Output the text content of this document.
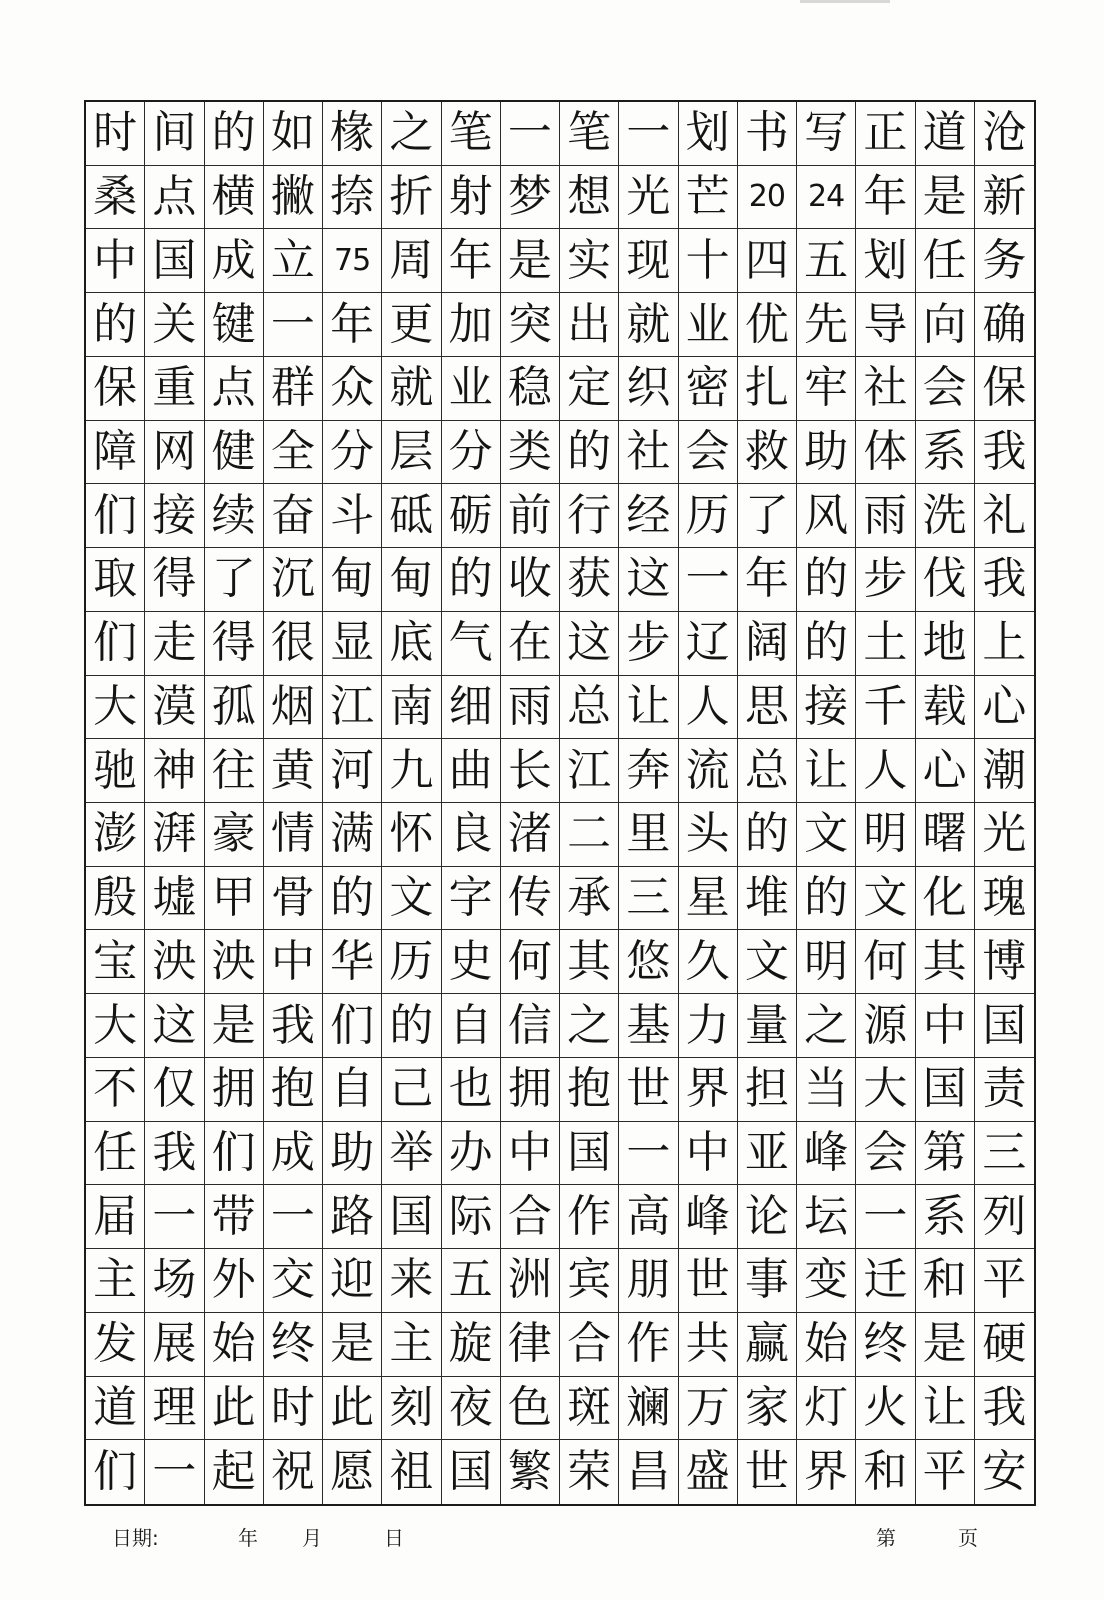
时 间 的 如 椽 之 笔 一 笔 一 划 书 写 正 道 沧
桑 点 横 撇 捺 折 射 梦 想 光 芒 20 24 年 是 新
中 国 成 立 75 周 年 是 实 现 十 四 五 划 任 务
的 关 键 一 年 更 加 突 出 就 业 优 先 导 向 确
保 重 点 群 众 就 业 稳 定 织 密 扎 牢 社 会 保
障 网 健 全 分 层 分 类 的 社 会 救 助 体 系 我
们 接 续 奋 斗 砥 砺 前 行 经 历 了 风 雨 洗 礼
取 得 了 沉 甸 甸 的 收 获 这 一 年 的 步 伐 我
们 走 得 很 显 底 气 在 这 步 辽 阔 的 土 地 上
大 漠 孤 烟 江 南 细 雨 总 让 人 思 接 千 载 心
驰 神 往 黄 河 九 曲 长 江 奔 流 总 让 人 心 潮
澎 湃 豪 情 满 怀 良 渚 二 里 头 的 文 明 曙 光
殷 墟 甲 骨 的 文 字 传 承 三 星 堆 的 文 化 瑰
宝 泱 泱 中 华 历 史 何 其 悠 久 文 明 何 其 博
大 这 是 我 们 的 自 信 之 基 力 量 之 源 中 国
不 仅 拥 抱 自 己 也 拥 抱 世 界 担 当 大 国 责
任 我 们 成 助 举 办 中 国 一 中 亚 峰 会 第 三
届 一 带 一 路 国 际 合 作 高 峰 论 坛 一 系 列
主 场 外 交 迎 来 五 洲 宾 朋 世 事 变 迁 和 平
发 展 始 终 是 主 旋 律 合 作 共 赢 始 终 是 硬
道 理 此 时 此 刻 夜 色 斑 斓 万 家 灯 火 让 我
们 一 起 祝 愿 祖 国 繁 荣 昌 盛 世 界 和 平 安
日期:	年 月	日	第	页
